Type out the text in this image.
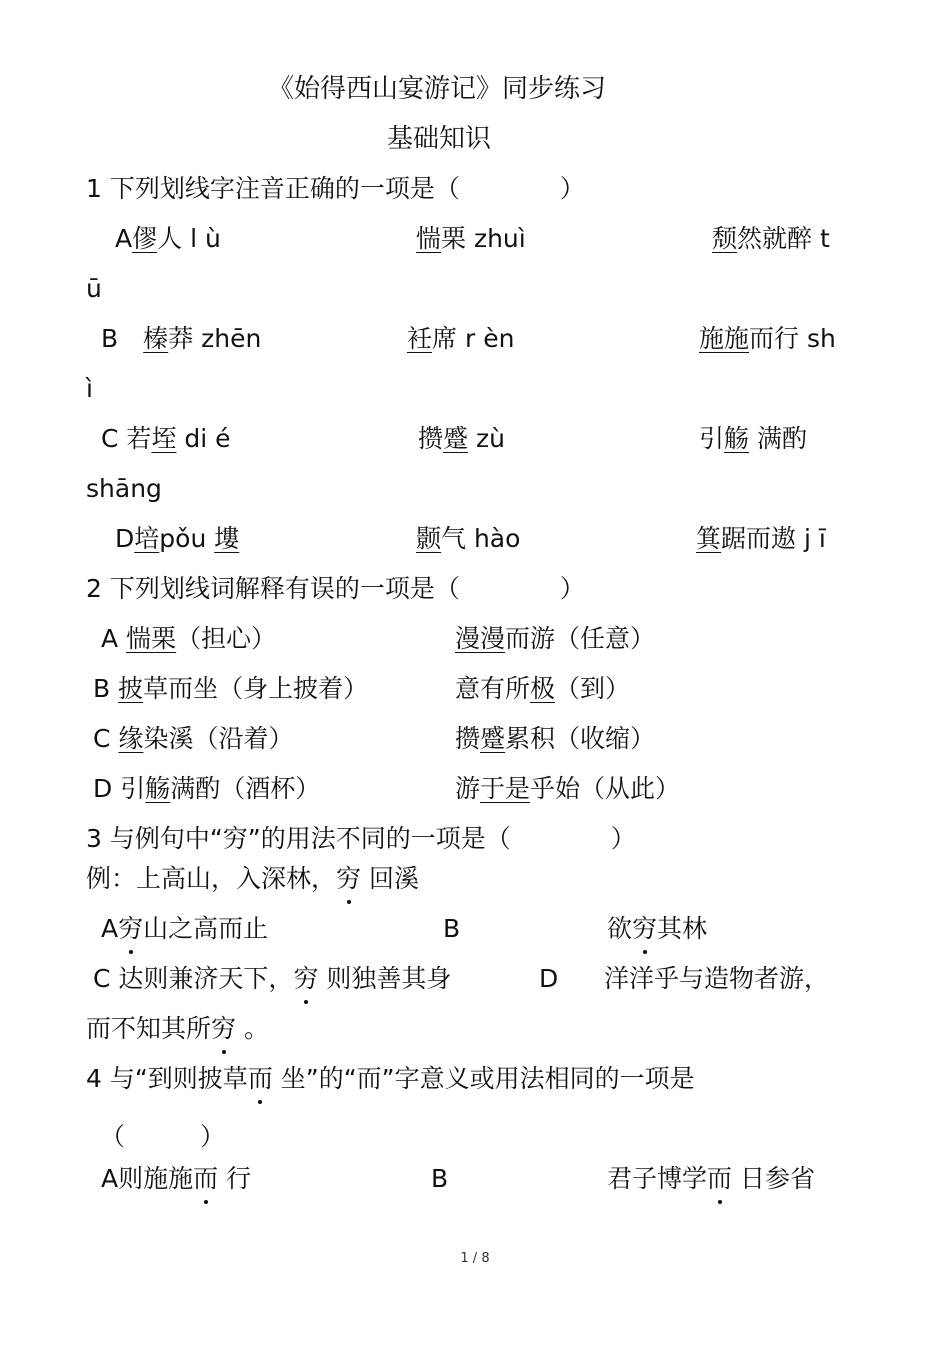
《始得西山宴游记》同步练习
基础知识
1 下列划线字注音正确的一项是（　　　　）
A僇人 l ù	惴栗 zhuì	颓然就醉 t
ū
B　 榛莽 zhēn	衽席 r èn	施施而行 sh
ì
C 若垤 di é	攒蹙 zù	引觞 满酌
shāng
D培pǒu 塿	颢气 hào	箕踞而遨 j ī
2 下列划线词解释有误的一项是（　　　　）
A 惴栗（担心）	漫漫而游（任意）
B 披草而坐（身上披着）	意有所极（到）
C 缘染溪（沿着）	攒蹙累积（收缩）
D 引觞满酌（酒杯）	游于是乎始（从此）
3 与例句中“穷”的用法不同的一项是（　　　　）
例：上高山，入深林，穷 回溪
A穷山之高而止	B	欲穷其林
C 达则兼济天下，穷 则独善其身	D 洋洋乎与造物者游，
而不知其所穷 。
4 与“到则披草而 坐”的“而”字意义或用法相同的一项是
（　　　）
A则施施而 行	B	君子博学而 日参省
1 / 8
